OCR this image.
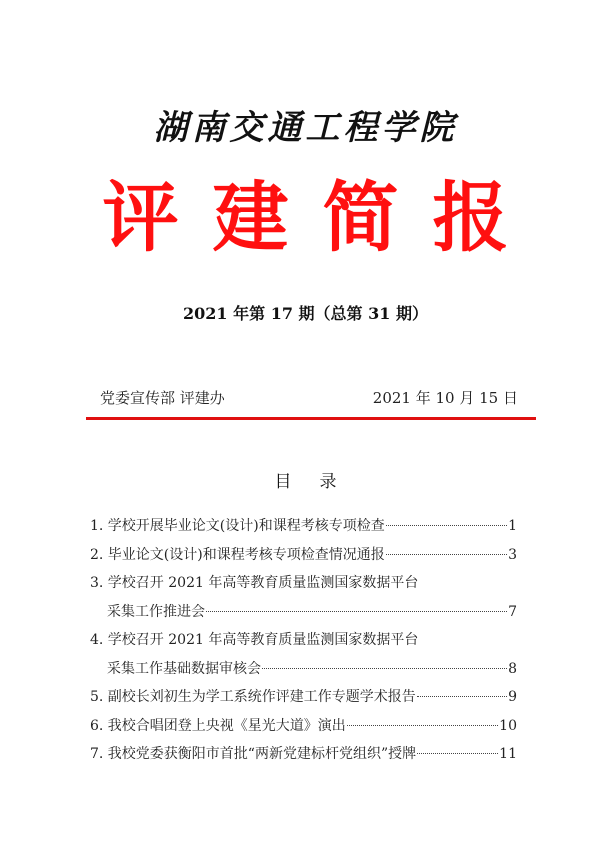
湖南交通工程学院
评建简报
2021 年第 17 期（总第 31 期）
党委宣传部 评建办	2021 年 10 月 15 日
目录
1. 学校开展毕业论文(设计)和课程考核专项检查	1
2. 毕业论文(设计)和课程考核专项检查情况通报	3
3. 学校召开 2021 年高等教育质量监测国家数据平台
采集工作推进会	7
4. 学校召开 2021 年高等教育质量监测国家数据平台
采集工作基础数据审核会	8
5. 副校长刘初生为学工系统作评建工作专题学术报告	9
6. 我校合唱团登上央视《星光大道》演出	10
7. 我校党委获衡阳市首批“两新党建标杆党组织”授牌	11
